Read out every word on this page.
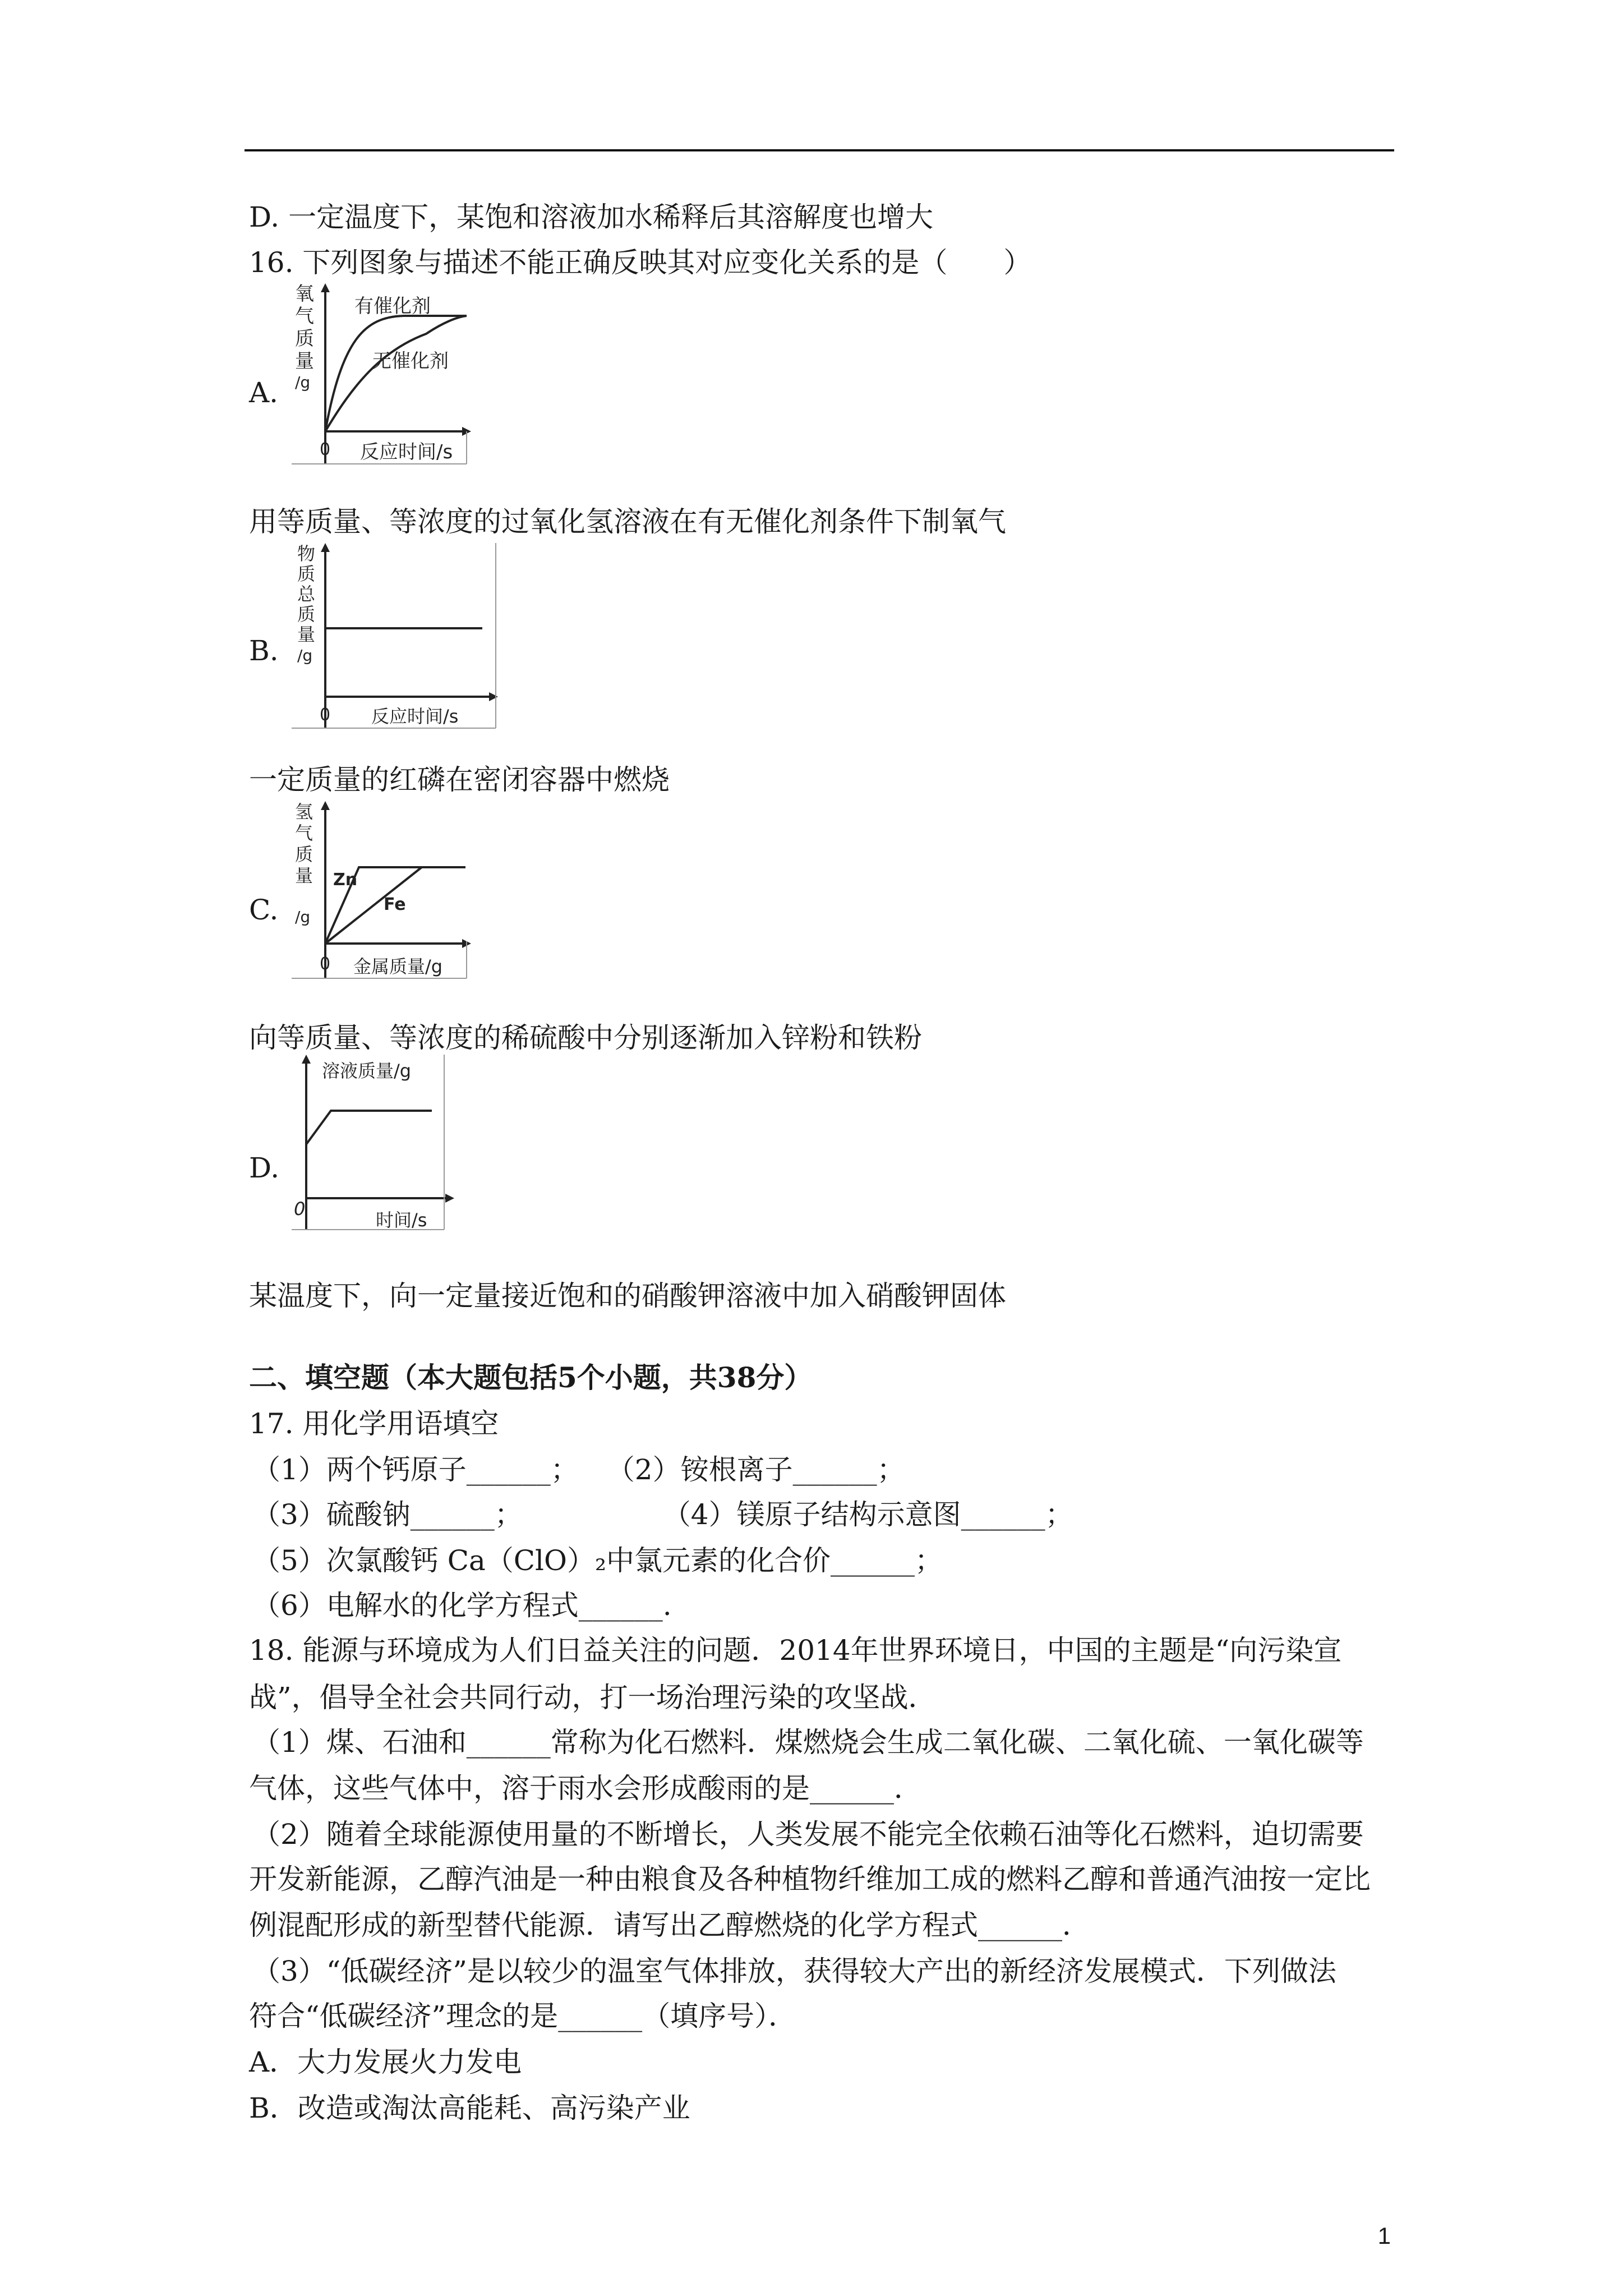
D. 一定温度下，某饱和溶液加水稀释后其溶解度也增大
16. 下列图象与描述不能正确反映其对应变化关系的是（　　）
A.
氧
气
质
量
/g
0 反应时间/s
有催化剂
无催化剂
用等质量、等浓度的过氧化氢溶液在有无催化剂条件下制氧气
B.
物
质
总
质
量
/g
0 反应时间/s
一定质量的红磷在密闭容器中燃烧
C.
氢
气
质
量
/g
0 金属质量/g
Zn
Fe
向等质量、等浓度的稀硫酸中分别逐渐加入锌粉和铁粉
D.
溶液质量/g
0
时间/s
某温度下，向一定量接近饱和的硝酸钾溶液中加入硝酸钾固体
二、填空题（本大题包括5个小题，共38分）
17. 用化学用语填空
（1）两个钙原子______；　　（2）铵根离子______；
（3）硫酸钠______；　　　　　　（4）镁原子结构示意图______；
（5）次氯酸钙 Ca（ClO）₂中氯元素的化合价______；
（6）电解水的化学方程式______.
18. 能源与环境成为人们日益关注的问题．2014年世界环境日，中国的主题是“向污染宣
战”，倡导全社会共同行动，打一场治理污染的攻坚战．
（1）煤、石油和______常称为化石燃料．煤燃烧会生成二氧化碳、二氧化硫、一氧化碳等
气体，这些气体中，溶于雨水会形成酸雨的是______．
（2）随着全球能源使用量的不断增长，人类发展不能完全依赖石油等化石燃料，迫切需要
开发新能源，乙醇汽油是一种由粮食及各种植物纤维加工成的燃料乙醇和普通汽油按一定比
例混配形成的新型替代能源．请写出乙醇燃烧的化学方程式______．
（3）“低碳经济”是以较少的温室气体排放，获得较大产出的新经济发展模式．下列做法
符合“低碳经济”理念的是______（填序号）．
A．大力发展火力发电
B．改造或淘汰高能耗、高污染产业
1
